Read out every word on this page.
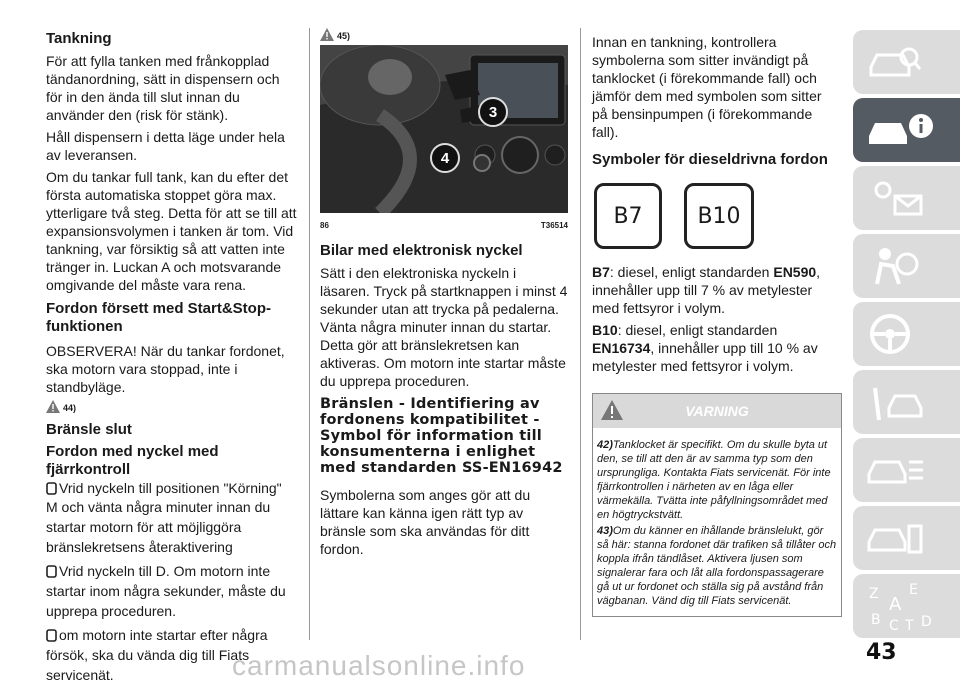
Tankning

För att fylla tanken med frånkopplad tändanordning, sätt in dispensern och för in den ända till slut innan du använder den (risk för stänk).

Håll dispensern i detta läge under hela av leveransen.

Om du tankar full tank, kan du efter det första automatiska stoppet göra max. ytterligare två steg. Detta för att se till att expansionsvolymen i tanken är tom. Vid tankning, var försiktig så att vatten inte tränger in. Luckan A och motsvarande omgivande del måste vara rena.

Fordon försett med Start&Stop-funktionen

OBSERVERA! När du tankar fordonet, ska motorn vara stoppad, inte i standbyläge.

44)
Bränsle slut
Fordon med nyckel med fjärrkontroll

Vrid nyckeln till positionen "Körning"

M och vänta några minuter innan du startar motorn för att möjliggöra bränslekretsens återaktivering

Vrid nyckeln till D. Om motorn inte startar inom några sekunder, måste du upprepa proceduren.

om motorn inte startar efter några försök, ska du vända dig till Fiats servicenät.

45)
3
4
86	T36514
Bilar med elektronisk nyckel

Sätt i den elektroniska nyckeln i läsaren. Tryck på startknappen i minst 4 sekunder utan att trycka på pedalerna. Vänta några minuter innan du startar. Detta gör att bränslekretsen kan aktiveras. Om motorn inte startar måste du upprepa proceduren.

Bränslen - Identifiering av fordonens kompatibilitet - Symbol för information till konsumenterna i enlighet med standarden SS-EN16942

Symbolerna som anges gör att du lättare kan känna igen rätt typ av bränsle som ska användas för ditt fordon.

Innan en tankning, kontrollera symbolerna som sitter invändigt på tanklocket (i förekommande fall) och jämför dem med symbolen som sitter på bensinpumpen (i förekommande fall).

Symboler för dieseldrivna fordon
B7	B10

B7: diesel, enligt standarden EN590, innehåller upp till 7 % av metylester med fettsyror i volym.

B10: diesel, enligt standarden EN16734, innehåller upp till 10 % av metylester med fettsyror i volym.

VARNING

42)Tanklocket är specifikt. Om du skulle byta ut den, se till att den är av samma typ som den ursprungliga. Kontakta Fiats servicenät. För inte fjärrkontrollen i närheten av en låga eller värmekälla. Tvätta inte påfyllningsområdet med en högtryckstvätt.

43)Om du känner en ihållande bränslelukt, gör så här: stanna fordonet där trafiken så tillåter och koppla ifrån tändlåset. Aktivera ljusen som signalerar fara och låt alla fordonspassagerare gå ut ur fordonet och ställa sig på avstånd från vägbanan. Vänd dig till Fiats servicenät.	Z E
A
B C T D
43
carmanualsonline.info
